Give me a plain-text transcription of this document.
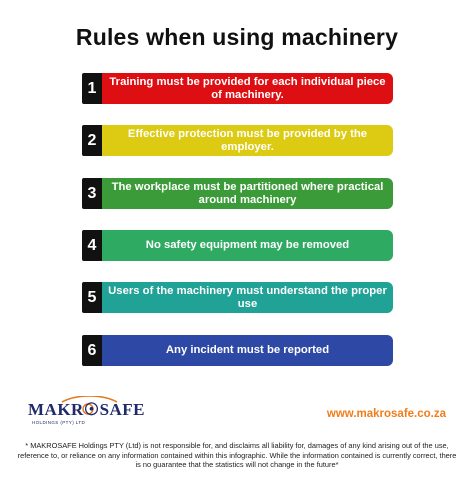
Rules when using machinery
1	Training must be provided for each individual piece of machinery.
2	Effective protection must be provided by the employer.
3	The workplace must be partitioned where practical around machinery
4	No safety equipment may be removed
5	Users of the machinery must understand the proper use
6	Any incident must be reported
MAKR☉SAFE
HOLDINGS (PTY) LTD
www.makrosafe.co.za
* MAKROSAFE Holdings PTY (Ltd) is not responsible for, and disclaims all liability for, damages of any kind arising out of the use, reference to, or reliance on any information contained within this infographic. While the information contained is currently correct, there is no guarantee that the statistics will not change in the future*
